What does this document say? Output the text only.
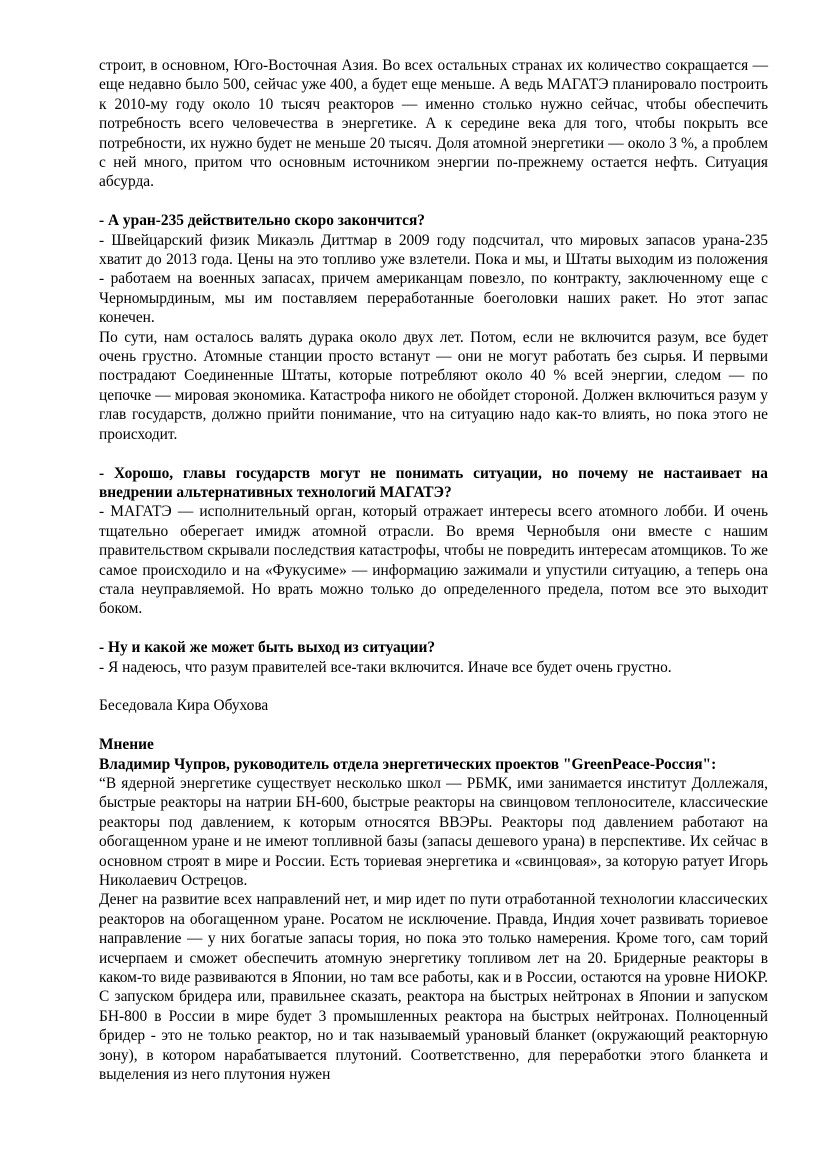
строит, в основном, Юго-Восточная Азия. Во всех остальных странах их количество сокращается — еще недавно было 500, сейчас уже 400, а будет еще меньше. А ведь МАГАТЭ планировало построить к 2010-му году около 10 тысяч реакторов — именно столько нужно сейчас, чтобы обеспечить потребность всего человечества в энергетике. А к середине века для того, чтобы покрыть все потребности, их нужно будет не меньше 20 тысяч. Доля атомной энергетики — около 3 %, а проблем с ней много, притом что основным источником энергии по-прежнему остается нефть. Ситуация абсурда.

- А уран-235 действительно скоро закончится?

- Швейцарский физик Микаэль Диттмар в 2009 году подсчитал, что мировых запасов урана-235 хватит до 2013 года. Цены на это топливо уже взлетели. Пока и мы, и Штаты выходим из положения - работаем на военных запасах, причем американцам повезло, по контракту, заключенному еще с Черномырдиным, мы им поставляем переработанные боеголовки наших ракет. Но этот запас конечен.

По сути, нам осталось валять дурака около двух лет. Потом, если не включится разум, все будет очень грустно. Атомные станции просто встанут — они не могут работать без сырья. И первыми пострадают Соединенные Штаты, которые потребляют около 40 % всей энергии, следом — по цепочке — мировая экономика. Катастрофа никого не обойдет стороной. Должен включиться разум у глав государств, должно прийти понимание, что на ситуацию надо как-то влиять, но пока этого не происходит.

- Хорошо, главы государств могут не понимать ситуации, но почему не настаивает на внедрении альтернативных технологий МАГАТЭ?

- МАГАТЭ — исполнительный орган, который отражает интересы всего атомного лобби. И очень тщательно оберегает имидж атомной отрасли. Во время Чернобыля они вместе с нашим правительством скрывали последствия катастрофы, чтобы не повредить интересам атомщиков. То же самое происходило и на «Фукусиме» — информацию зажимали и упустили ситуацию, а теперь она стала неуправляемой. Но врать можно только до определенного предела, потом все это выходит боком.

- Ну и какой же может быть выход из ситуации?

- Я надеюсь, что разум правителей все-таки включится. Иначе все будет очень грустно.

Беседовала Кира Обухова

Мнение

Владимир Чупров, руководитель отдела энергетических проектов "GreenPeace-Россия":

“В ядерной энергетике существует несколько школ — РБМК, ими занимается институт Доллежаля, быстрые реакторы на натрии БН-600, быстрые реакторы на свинцовом теплоносителе, классические реакторы под давлением, к которым относятся ВВЭРы. Реакторы под давлением работают на обогащенном уране и не имеют топливной базы (запасы дешевого урана) в перспективе. Их сейчас в основном строят в мире и России. Есть ториевая энергетика и «свинцовая», за которую ратует Игорь Николаевич Острецов.

Денег на развитие всех направлений нет, и мир идет по пути отработанной технологии классических реакторов на обогащенном уране. Росатом не исключение. Правда, Индия хочет развивать ториевое направление — у них богатые запасы тория, но пока это только намерения. Кроме того, сам торий исчерпаем и сможет обеспечить атомную энергетику топливом лет на 20. Бридерные реакторы в каком-то виде развиваются в Японии, но там все работы, как и в России, остаются на уровне НИОКР. С запуском бридера или, правильнее сказать, реактора на быстрых нейтронах в Японии и запуском БН-800 в России в мире будет 3 промышленных реактора на быстрых нейтронах. Полноценный бридер - это не только реактор, но и так называемый урановый бланкет (окружающий реакторную зону), в котором нарабатывается плутоний. Соответственно, для переработки этого бланкета и выделения из него плутония нужен
